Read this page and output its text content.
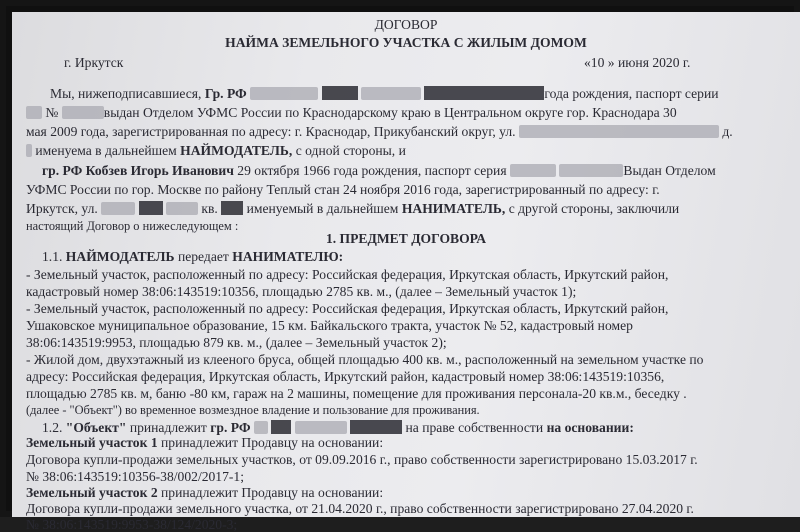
ДОГОВОР
НАЙМА ЗЕМЕЛЬНОГО УЧАСТКА С ЖИЛЫМ ДОМОМ
г. Иркутск	«10 » июня 2020 г.
Мы, нижеподписавшиеся, Гр. РФ	года рождения, паспорт серии
№	выдан Отделом УФМС России по Краснодарскому краю в Центральном округе гор. Краснодара 30
мая 2009 года, зарегистрированная по адресу: г. Краснодар, Прикубанский округ, ул.	д.
именуема в дальнейшем НАЙМОДАТЕЛЬ, с одной стороны, и
гр. РФ Кобзев Игорь Иванович 29 октября 1966 года рождения, паспорт серия	Выдан Отделом
УФМС России по гор. Москве по району Теплый стан 24 ноября 2016 года, зарегистрированный по адресу: г.
Иркутск, ул.	кв. именуемый в дальнейшем НАНИМАТЕЛЬ, с другой стороны, заключили
настоящий Договор о нижеследующем :
1. ПРЕДМЕТ ДОГОВОРА
1.1. НАЙМОДАТЕЛЬ передает НАНИМАТЕЛЮ:
- Земельный участок, расположенный по адресу: Российская федерация, Иркутская область, Иркутский район,
кадастровый номер 38:06:143519:10356, площадью 2785 кв. м., (далее – Земельный участок 1);
- Земельный участок, расположенный по адресу: Российская федерация, Иркутская область, Иркутский район,
Ушаковское муниципальное образование, 15 км. Байкальского тракта, участок № 52, кадастровый номер
38:06:143519:9953, площадью 879 кв. м., (далее – Земельный участок 2);
- Жилой дом, двухэтажный из клееного бруса, общей площадью 400 кв. м., расположенный на земельном участке по
адресу: Российская федерация, Иркутская область, Иркутский район, кадастровый номер 38:06:143519:10356,
площадью 2785 кв. м, баню -80 км, гараж на 2 машины, помещение для проживания персонала-20 кв.м., беседку .
(далее - "Объект") во временное возмездное владение и пользование для проживания.
1.2. "Объект" принадлежит гр. РФ	на праве собственности на основании:
Земельный участок 1 принадлежит Продавцу на основании:
Договора купли-продажи земельных участков, от 09.09.2016 г., право собственности зарегистрировано 15.03.2017 г.
№ 38:06:143519:10356-38/002/2017-1;
Земельный участок 2 принадлежит Продавцу на основании:
Договора купли-продажи земельного участка, от 21.04.2020 г., право собственности зарегистрировано 27.04.2020 г.
№ 38:06:143519:9953-38/124/2020-3;
